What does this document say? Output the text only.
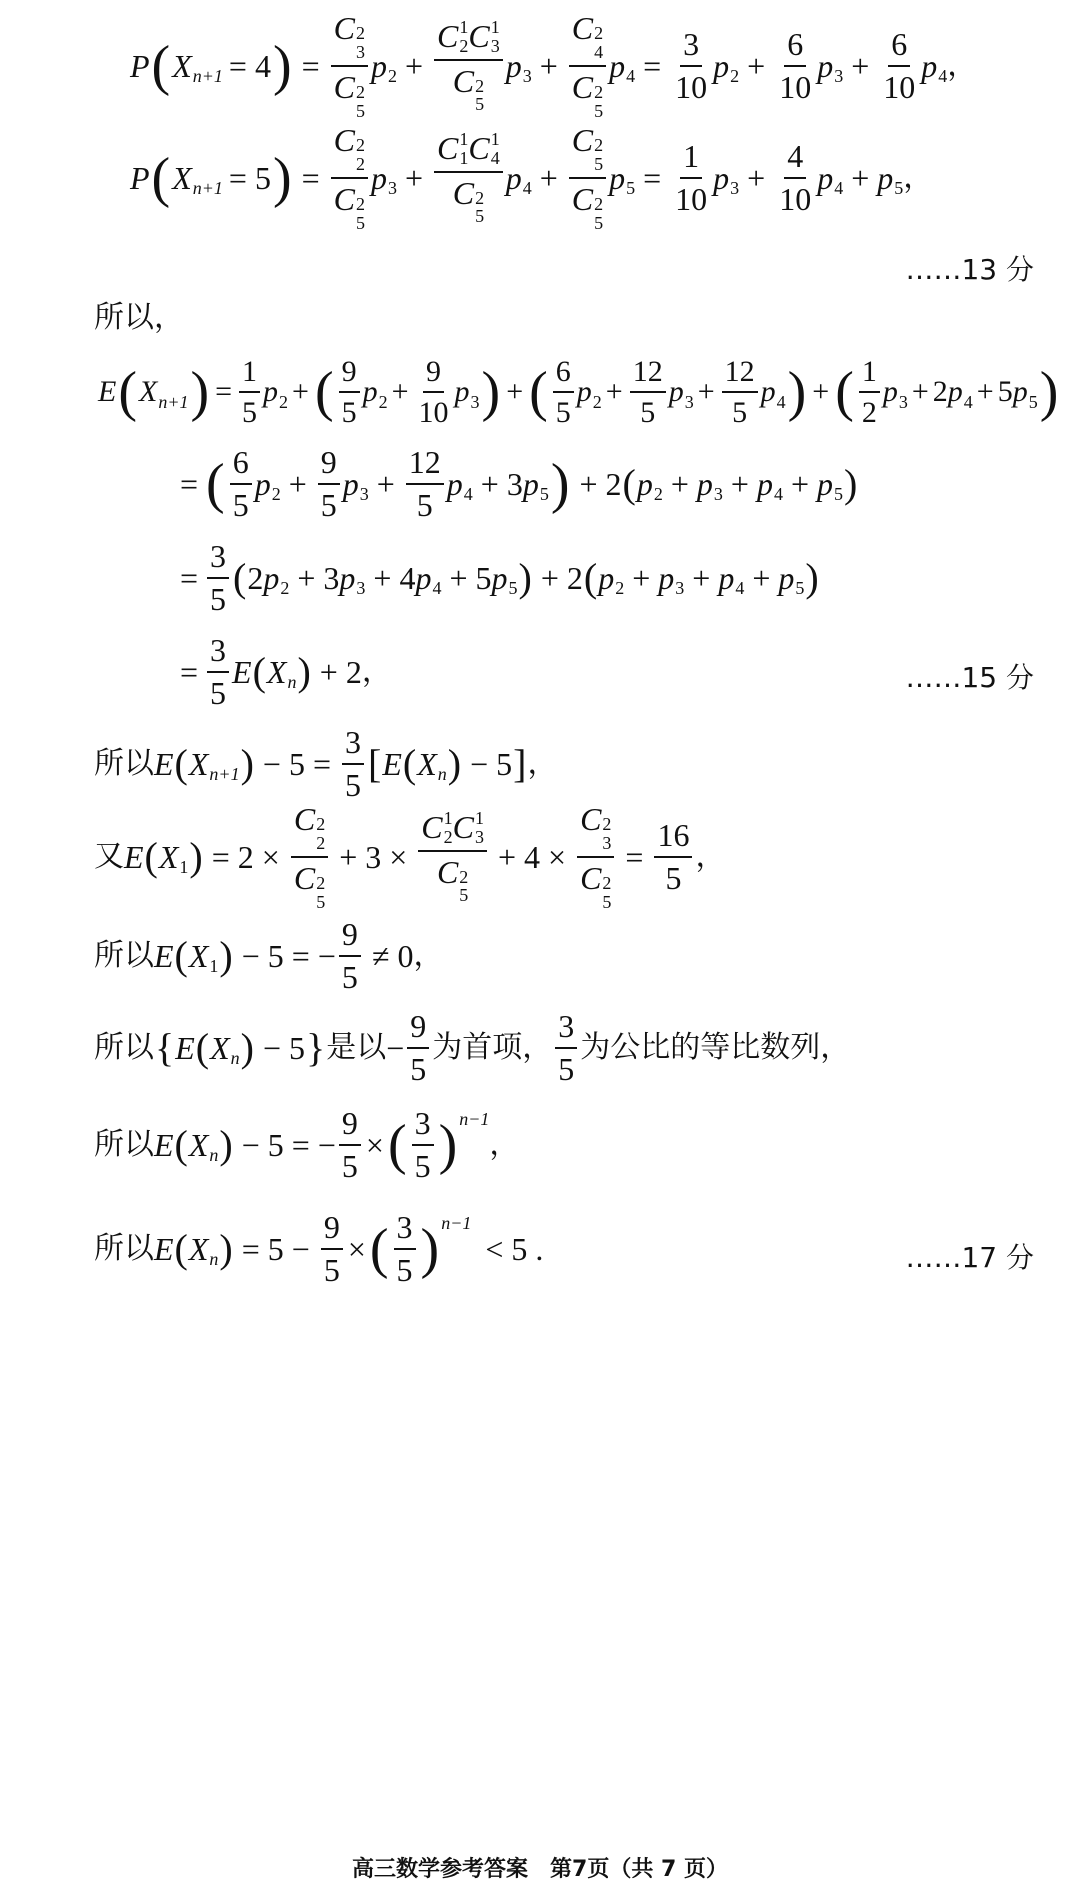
P ( X n+1 = 4 ) = C 2
3
C 2
5 p 2 + C 1
2 C 1
3
C 2
5 p 3 + C 2
4
C 2
5 p $4 = \frac{3}{10}$ p $2 + \frac{6}{10}$ p $3 + \frac{6}{10}$ p 4 ，
P ( X n+1 = 5 ) = C 2
2
C 2
5 p 3 + C 1
1 C 1
4
C 2
5 p 4 + C 2
5
C 2
5 p $5 = \frac{1}{10}$ p $3 + \frac{4}{10}$ p 4 + p 5 ，
……13 分
所以，
E ( X n+1 ) = $\frac{1}{5}$ p 2 + ( $\frac{9}{5}$ p $2 + \frac{9}{10}$ p 3 ) + ( $\frac{6}{5}$ p $2 + \frac{12}{5}$ p $3 + \frac{12}{5}$ p 4 ) + ( $\frac{1}{2}$ p 3 + 2 p 4 + 5 p 5 )
= ( $\frac{6}{5}$ p $2 + \frac{9}{5}$ p $3 + \frac{12}{5}$ p 4 + 3 p 5 ) + 2 ( p 2 + p 3 + p 4 + p 5 )
= $\frac{3}{5}$ ( 2 p 2 + 3 p 3 + 4 p 4 + 5 p 5 ) + 2 ( p 2 + p 3 + p 4 + p 5 )
= $\frac{3}{5}$ E ( X n ) + 2 ，	……15 分
所以 E ( X n+1 ) − $5 = \frac{3}{5}$ [ E ( X n ) − 5 ] ，
又 E ( X 1 ) = 2 × C 2
2
C 2
5 + 3 × C 1
2 C 1
3
C 2
5 + 4 × C 2
3
C 2
$5 = \frac{16}{5}$ ，
所以 E ( X 1 ) − 5 = − $\frac{9}{5} \ne 0$ ，
所以 { E ( X n ) − 5 } 是以 − $\frac{9}{5}$ 为首项， $\frac{3}{5}$ 为公比的等比数列，
所以 E ( X n ) − 5 = − $\frac{9}{5}$ × ( $\frac{3}{5}$ ) n−1
，
所以 E ( X n ) = $5 - \frac{9}{5}$ × ( $\frac{3}{5}$ ) n−1
< 5 .	……17 分
高三数学参考答案　第7页（共 7 页）
